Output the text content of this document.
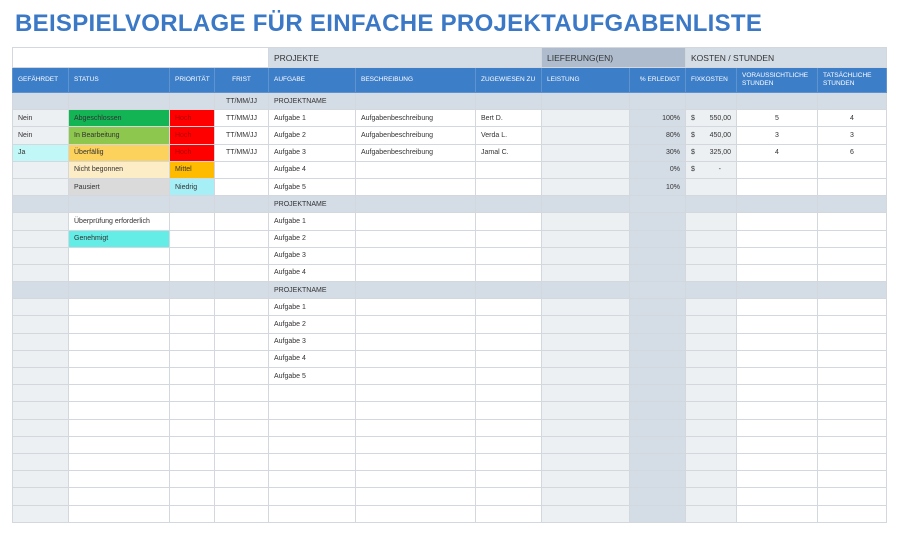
BEISPIELVORLAGE FÜR EINFACHE PROJEKTAUFGABENLISTE
				PROJEKTE			LIEFERUNG(EN)		KOSTEN / STUNDEN		
GEFÄHRDET	STATUS	PRIORITÄT	FRIST	AUFGABE	BESCHREIBUNG	ZUGEWIESEN ZU	LEISTUNG	% ERLEDIGT	FIXKOSTEN	VORAUSSICHTLICHE STUNDEN	TATSÄCHLICHE STUNDEN
			TT/MM/JJ	PROJEKTNAME							
Nein	Abgeschlossen	Hoch	TT/MM/JJ	Aufgabe 1	Aufgabenbeschreibung	Bert D.		100%	$ 550,00	5	4
Nein	In Bearbeitung	Hoch	TT/MM/JJ	Aufgabe 2	Aufgabenbeschreibung	Verda L.		80%	$ 450,00	3	3
Ja	Überfällig	Hoch	TT/MM/JJ	Aufgabe 3	Aufgabenbeschreibung	Jamal C.		30%	$ 325,00	4	6
	Nicht begonnen	Mittel		Aufgabe 4				0%	$ -		

	Pausiert	Niedrig		Aufgabe 5				10%			
				PROJEKTNAME							
	Überprüfung erforderlich			Aufgabe 1							
	Genehmigt			Aufgabe 2							
				Aufgabe 3							
				Aufgabe 4							
				PROJEKTNAME							
				Aufgabe 1							
				Aufgabe 2							
				Aufgabe 3							
				Aufgabe 4							
				Aufgabe 5							
